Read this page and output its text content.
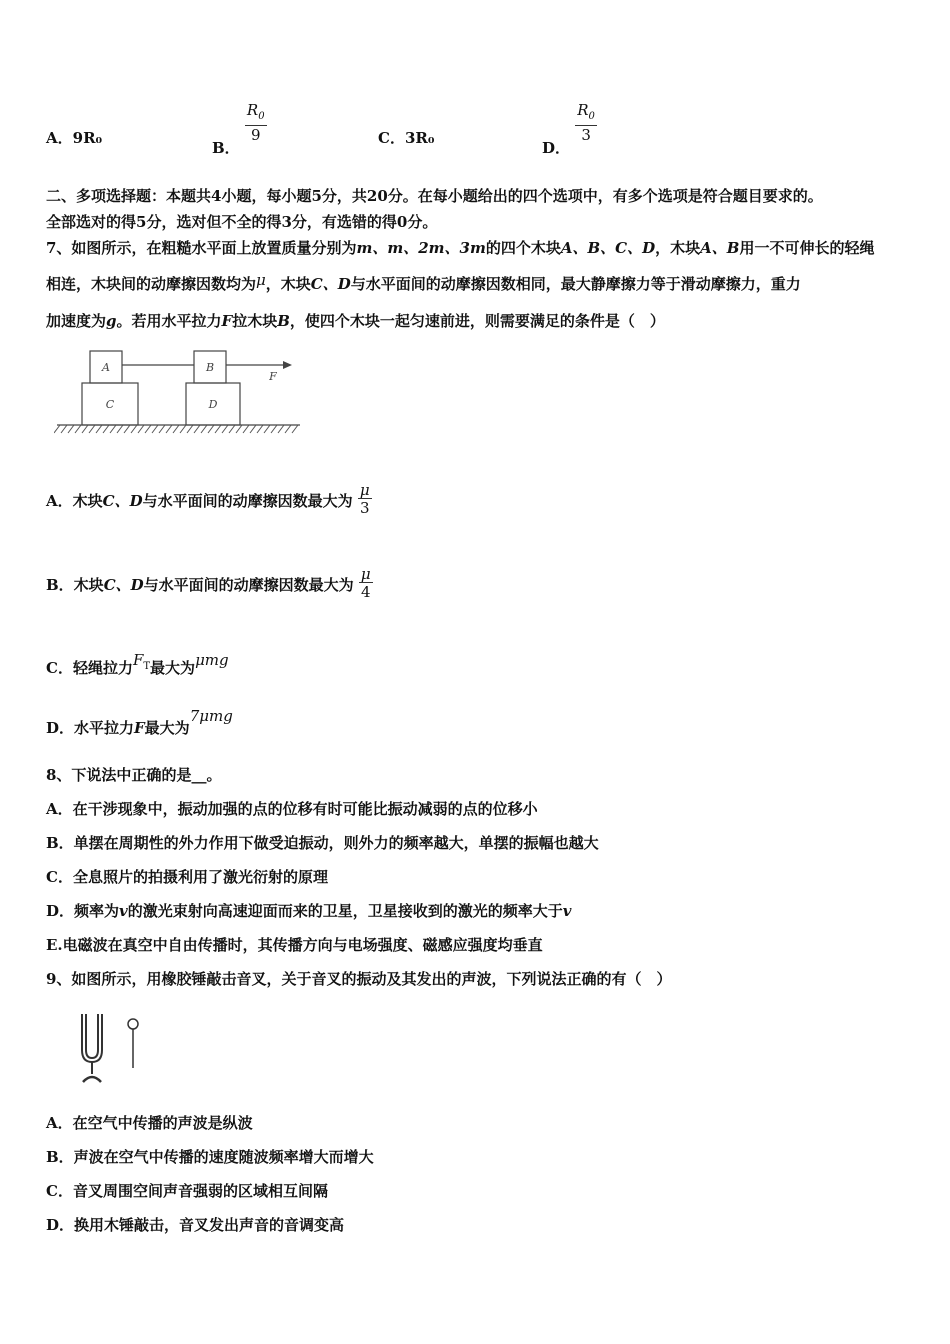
A．9R₀
B．
$\frac{R_0}{9}$	C．3R₀
D．
$\frac{R_0}{3}$
二、多项选择题：本题共4小题，每小题5分，共20分。在每小题给出的四个选项中，有多个选项是符合题目要求的。
全部选对的得5分，选对但不全的得3分，有选错的得0分。
7、如图所示，在粗糙水平面上放置质量分别为m、m、2m、3m的四个木块A、B、C、D，木块A、B用一不可伸长的轻绳
相连，木块间的动摩擦因数均为μ，木块C、D与水平面间的动摩擦因数相同，最大静摩擦力等于滑动摩擦力，重力
加速度为g。若用水平拉力F拉木块B，使四个木块一起匀速前进，则需要满足的条件是（　）
A
C
B
D
F
A．木块C、D与水平面间的动摩擦因数最大为 $\frac{\mu}{3}$
B．木块C、D与水平面间的动摩擦因数最大为 $\frac{\mu}{4}$
C．轻绳拉力$F_T$最大为μmg
D．水平拉力F最大为7μmg
8、下说法中正确的是__。
A．在干涉现象中，振动加强的点的位移有时可能比振动减弱的点的位移小
B．单摆在周期性的外力作用下做受迫振动，则外力的频率越大，单摆的振幅也越大
C．全息照片的拍摄利用了激光衍射的原理
D．频率为v的激光束射向高速迎面而来的卫星，卫星接收到的激光的频率大于v
E.电磁波在真空中自由传播时，其传播方向与电场强度、磁感应强度均垂直
9、如图所示，用橡胶锤敲击音叉，关于音叉的振动及其发出的声波，下列说法正确的有（　）
A．在空气中传播的声波是纵波
B．声波在空气中传播的速度随波频率增大而增大
C．音叉周围空间声音强弱的区域相互间隔
D．换用木锤敲击，音叉发出声音的音调变高
